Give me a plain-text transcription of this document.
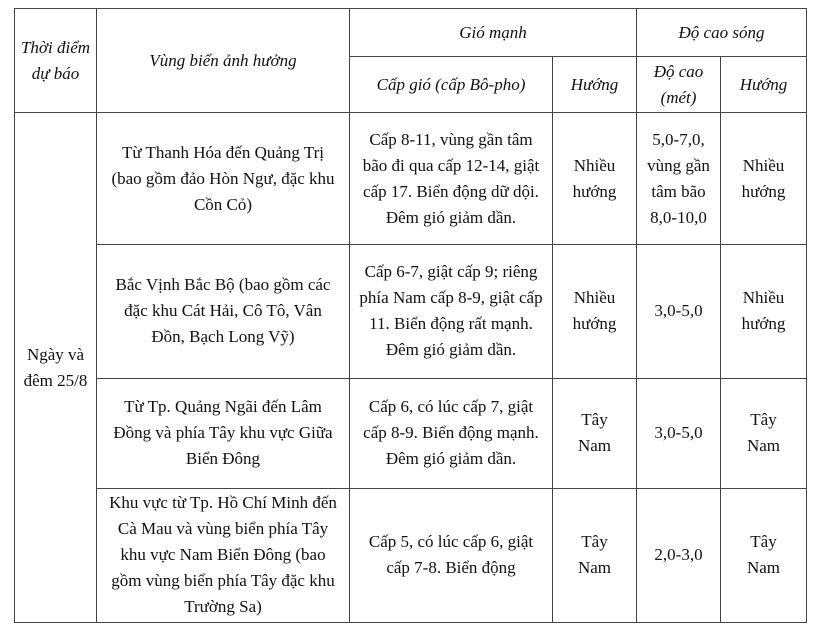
Thời điểm dự báo	Vùng biển ảnh hưởng	Gió mạnh		Độ cao sóng	
		Cấp gió (cấp Bô-pho)	Hướng	Độ cao (mét)	Hướng
Ngày và đêm 25/8	Từ Thanh Hóa đến Quảng Trị (bao gồm đảo Hòn Ngư, đặc khu Cồn Cỏ)	Cấp 8-11, vùng gần tâm bão đi qua cấp 12-14, giật cấp 17. Biển động dữ dội. Đêm gió giảm dần.	Nhiều hướng	5,0-7,0, vùng gần tâm bão 8,0-10,0	Nhiều hướng
	Bắc Vịnh Bắc Bộ (bao gồm các đặc khu Cát Hải, Cô Tô, Vân Đồn, Bạch Long Vỹ)	Cấp 6-7, giật cấp 9; riêng phía Nam cấp 8-9, giật cấp 11. Biển động rất mạnh. Đêm gió giảm dần.	Nhiều hướng	3,0-5,0	Nhiều hướng
	Từ Tp. Quảng Ngãi đến Lâm Đồng và phía Tây khu vực Giữa Biển Đông	Cấp 6, có lúc cấp 7, giật cấp 8-9. Biển động mạnh. Đêm gió giảm dần.	Tây Nam	3,0-5,0	Tây Nam
	Khu vực từ Tp. Hồ Chí Minh đến Cà Mau và vùng biển phía Tây khu vực Nam Biển Đông (bao gồm vùng biển phía Tây đặc khu Trường Sa)	Cấp 5, có lúc cấp 6, giật cấp 7-8. Biển động	Tây Nam	2,0-3,0	Tây Nam
